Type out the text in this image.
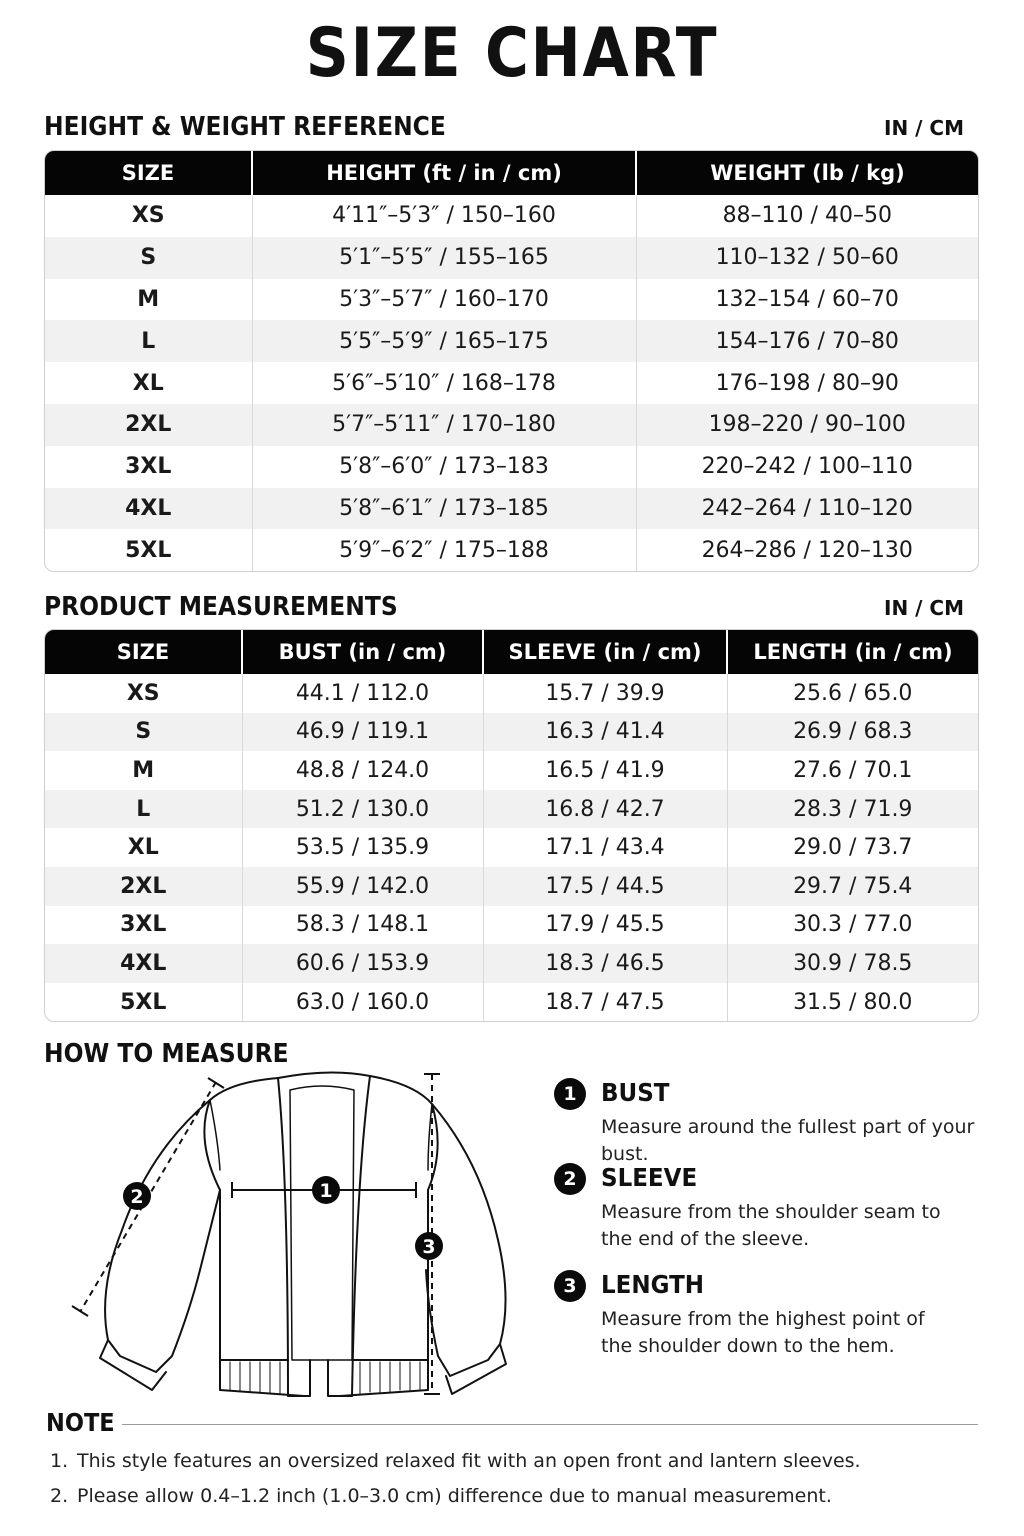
SIZE CHART
HEIGHT & WEIGHT REFERENCE	IN / CM
SIZE	HEIGHT (ft / in / cm)	WEIGHT (lb / kg)
XS	4′11″–5′3″ / 150–160	88–110 / 40–50
S	5′1″–5′5″ / 155–165	110–132 / 50–60
M	5′3″–5′7″ / 160–170	132–154 / 60–70
L	5′5″–5′9″ / 165–175	154–176 / 70–80
XL	5′6″–5′10″ / 168–178	176–198 / 80–90
2XL	5′7″–5′11″ / 170–180	198–220 / 90–100
3XL	5′8″–6′0″ / 173–183	220–242 / 100–110
4XL	5′8″–6′1″ / 173–185	242–264 / 110–120
5XL	5′9″–6′2″ / 175–188	264–286 / 120–130
PRODUCT MEASUREMENTS	IN / CM
SIZE	BUST (in / cm)	SLEEVE (in / cm)	LENGTH (in / cm)
XS	44.1 / 112.0	15.7 / 39.9	25.6 / 65.0
S	46.9 / 119.1	16.3 / 41.4	26.9 / 68.3
M	48.8 / 124.0	16.5 / 41.9	27.6 / 70.1
L	51.2 / 130.0	16.8 / 42.7	28.3 / 71.9
XL	53.5 / 135.9	17.1 / 43.4	29.0 / 73.7
2XL	55.9 / 142.0	17.5 / 44.5	29.7 / 75.4
3XL	58.3 / 148.1	17.9 / 45.5	30.3 / 77.0
4XL	60.6 / 153.9	18.3 / 46.5	30.9 / 78.5
5XL	63.0 / 160.0	18.7 / 47.5	31.5 / 80.0
HOW TO MEASURE
1
2
3
1 BUST
Measure around the fullest part of your bust.
2 SLEEVE
Measure from the shoulder seam to
the end of the sleeve.
3 LENGTH
Measure from the highest point of
the shoulder down to the hem.
NOTE
1. This style features an oversized relaxed fit with an open front and lantern sleeves.
2. Please allow 0.4–1.2 inch (1.0–3.0 cm) difference due to manual measurement.
